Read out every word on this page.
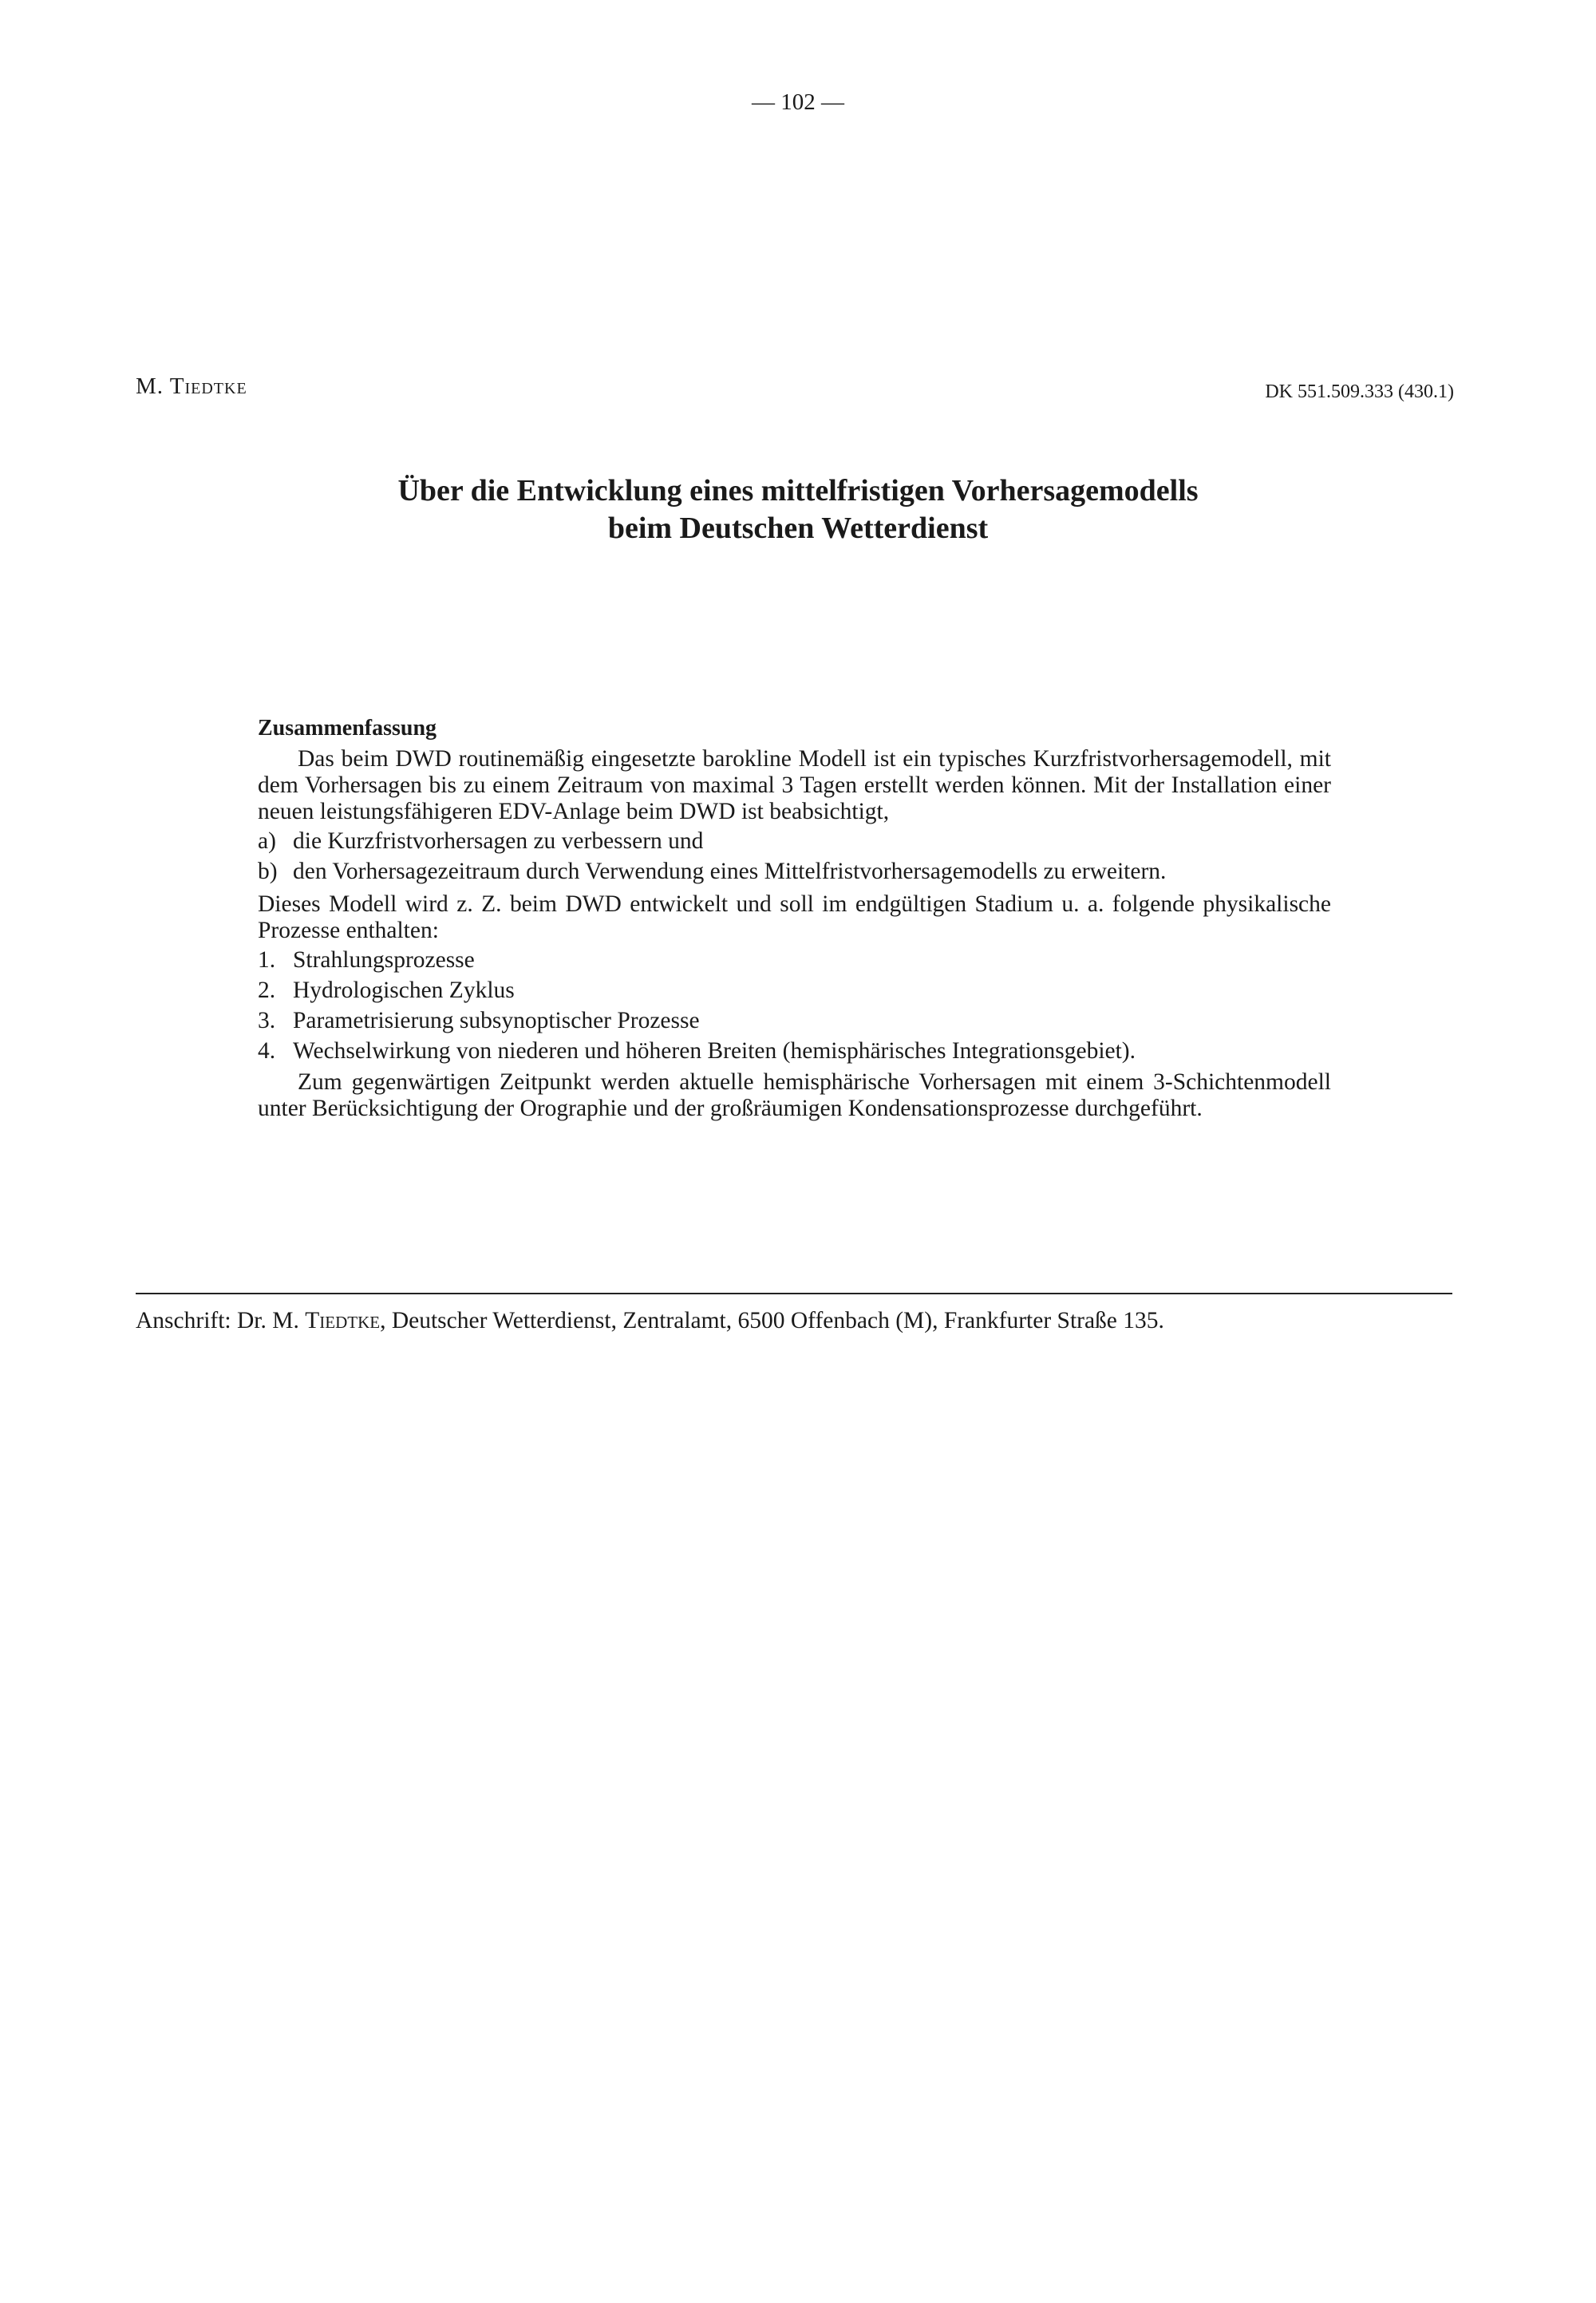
— 102 —
M. Tiedtke	DK 551.509.333 (430.1)
Über die Entwicklung eines mittelfristigen Vorhersagemodells
beim Deutschen Wetterdienst
Zusammenfassung

Das beim DWD routinemäßig eingesetzte barokline Modell ist ein typisches Kurzfristvorhersagemodell, mit dem Vorhersagen bis zu einem Zeitraum von maximal 3 Tagen erstellt werden können. Mit der Installation einer neuen leistungsfähigeren EDV-Anlage beim DWD ist beabsichtigt,

a) die Kurzfristvorhersagen zu verbessern und
b) den Vorhersagezeitraum durch Verwendung eines Mittelfristvorhersagemodells zu erweitern.

Dieses Modell wird z. Z. beim DWD entwickelt und soll im endgültigen Stadium u. a. folgende physikalische Prozesse enthalten:

1. Strahlungsprozesse
2. Hydrologischen Zyklus
3. Parametrisierung subsynoptischer Prozesse
4. Wechselwirkung von niederen und höheren Breiten (hemisphärisches Integrationsgebiet).

Zum gegenwärtigen Zeitpunkt werden aktuelle hemisphärische Vorhersagen mit einem 3-Schichtenmodell unter Berücksichtigung der Orographie und der großräumigen Kondensationsprozesse durchgeführt.

Anschrift: Dr. M. Tiedtke, Deutscher Wetterdienst, Zentralamt, 6500 Offenbach (M), Frankfurter Straße 135.
